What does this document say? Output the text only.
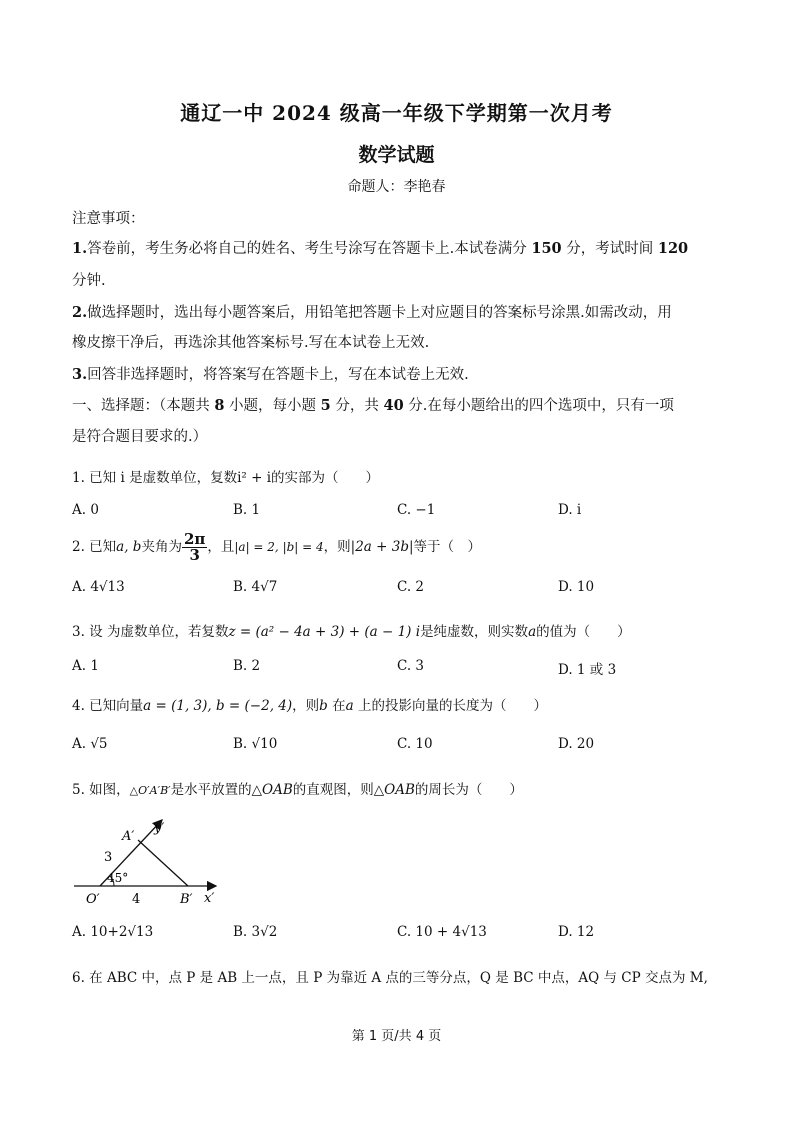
通辽一中 2024 级高一年级下学期第一次月考
数学试题
命题人：李艳春
注意事项：
1.答卷前，考生务必将自己的姓名、考生号涂写在答题卡上.本试卷满分 150 分，考试时间 120
分钟.
2.做选择题时，选出每小题答案后，用铅笔把答题卡上对应题目的答案标号涂黑.如需改动，用
橡皮擦干净后，再选涂其他答案标号.写在本试卷上无效.
3.回答非选择题时，将答案写在答题卡上，写在本试卷上无效.
一、选择题：（本题共 8 小题，每小题 5 分，共 40 分.在每小题给出的四个选项中，只有一项
是符合题目要求的.）
1. 已知 i 是虚数单位，复数i² + i的实部为（　　）
A. 0	B. 1	C. −1	D. i
2. 已知a, b夹角为 $\frac{2\pi}{3}$ ，且|a| = 2, |b| = 4，则|2a + 3b|等于（　）
A. 4√13	B. 4√7	C. 2	D. 10
3. 设 为虚数单位，若复数z = (a² − 4a + 3) + (a − 1) i是纯虚数，则实数a的值为（　　）
A. 1	B. 2	C. 3	D. 1 或 3
4. 已知向量a = (1, 3), b = (−2, 4)，则b 在a 上的投影向量的长度为（　　）
A. √5	B. √10	C. 10	D. 20
5. 如图，△O′A′B′是水平放置的△OAB的直观图，则△OAB的周长为（　　）
A′
y′
3
45°
O′ 4	B′ x′
A. 10+2√13	B. 3√2	C. 10 + 4√13	D. 12
6. 在 ABC 中，点 P 是 AB 上一点，且 P 为靠近 A 点的三等分点，Q 是 BC 中点，AQ 与 CP 交点为 M,
第 1 页/共 4 页
